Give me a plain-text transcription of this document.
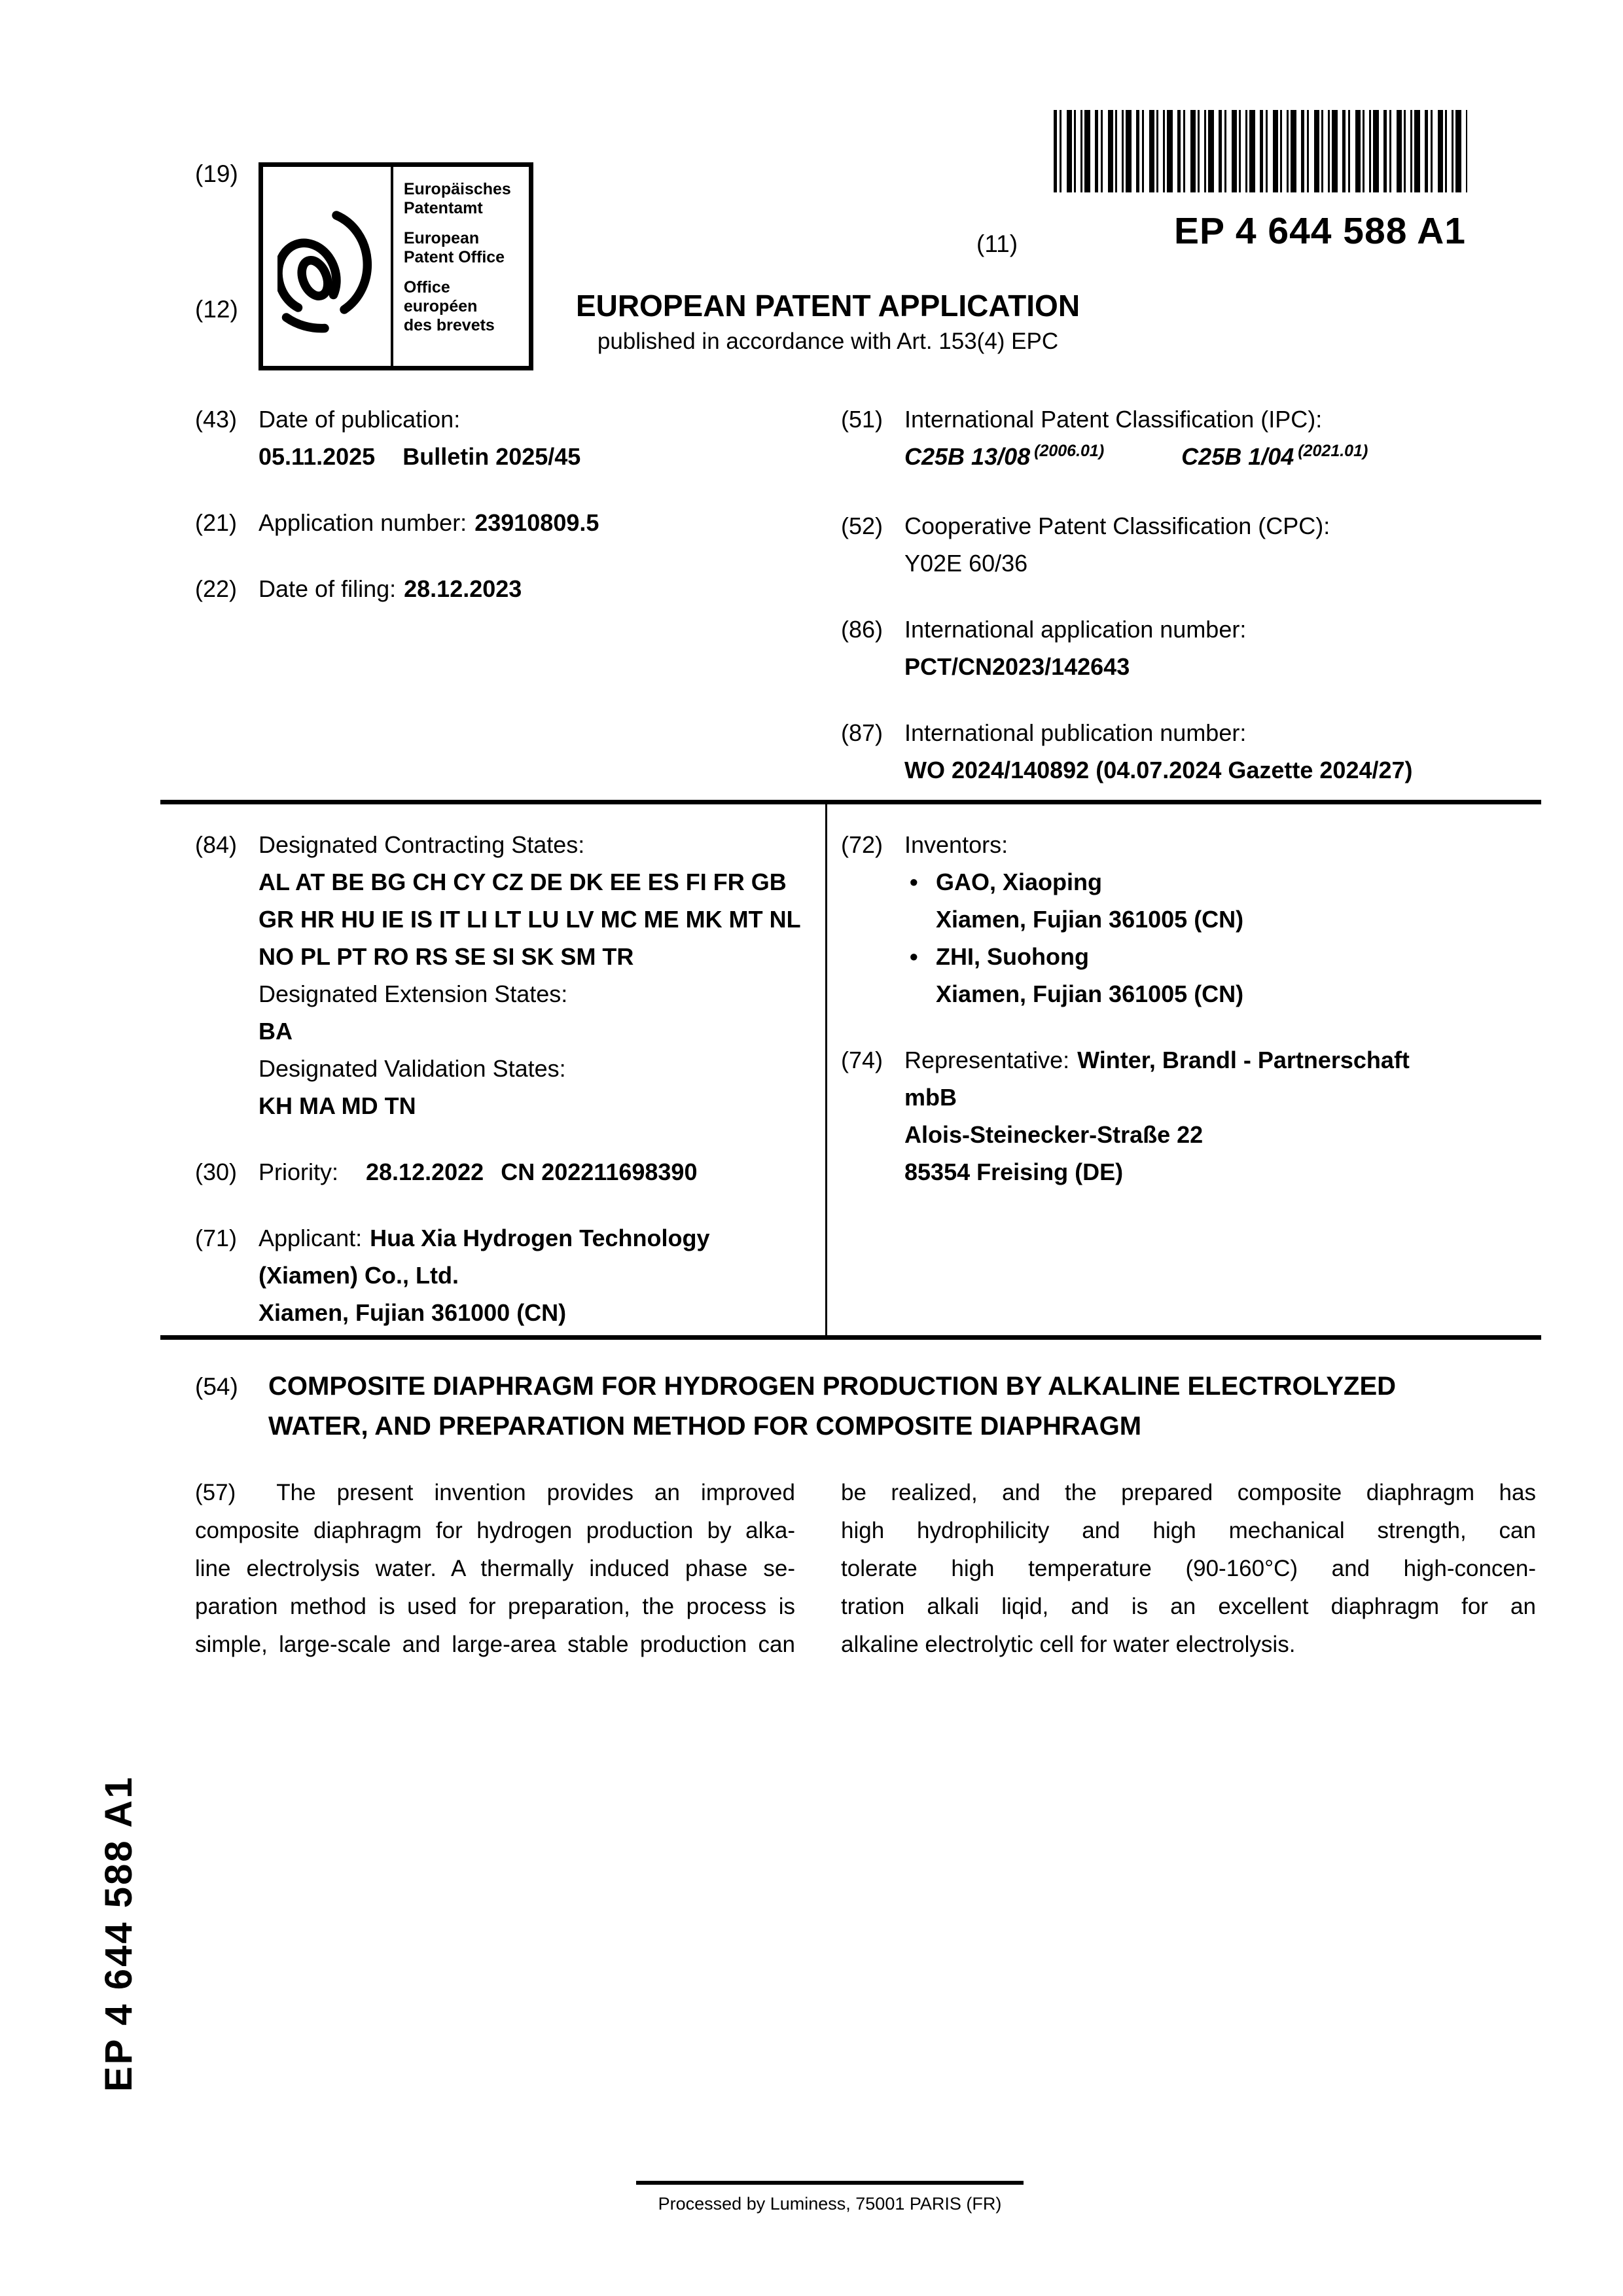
(19)
Europäisches
Patentamt
European
Patent Office
Office européen
des brevets
(11)	EP 4 644 588 A1
(12)	EUROPEAN PATENT APPLICATION
published in accordance with Art. 153(4) EPC
(43) Date of publication:
05.11.2025 Bulletin 2025/45
(21) Application number: 23910809.5
(22) Date of filing: 28.12.2023
(51) International Patent Classification (IPC):
C25B 13/08 $^{(2006.01)}$	C25B 1/04 $^{(2021.01)}$
(52) Cooperative Patent Classification (CPC):
Y02E 60/36
(86) International application number:
PCT/CN2023/142643
(87) International publication number:
WO 2024/140892 (04.07.2024 Gazette 2024/27)
(84) Designated Contracting States:
AL AT BE BG CH CY CZ DE DK EE ES FI FR GB
GR HR HU IE IS IT LI LT LU LV MC ME MK MT NL
NO PL PT RO RS SE SI SK SM TR
Designated Extension States:
BA
Designated Validation States:
KH MA MD TN
(30) Priority: 28.12.2022 CN 202211698390
(71) Applicant: Hua Xia Hydrogen Technology
(Xiamen) Co., Ltd.
Xiamen, Fujian 361000 (CN)
(72) Inventors:
• GAO, Xiaoping
Xiamen, Fujian 361005 (CN)
• ZHI, Suohong
Xiamen, Fujian 361005 (CN)
(74) Representative: Winter, Brandl - Partnerschaft
mbB
Alois-Steinecker-Straße 22
85354 Freising (DE)
(54) COMPOSITE DIAPHRAGM FOR HYDROGEN PRODUCTION BY ALKALINE ELECTROLYZED
WATER, AND PREPARATION METHOD FOR COMPOSITE DIAPHRAGM
(57) The present invention provides an improved
composite diaphragm for hydrogen production by alka-
line electrolysis water. A thermally induced phase se-
paration method is used for preparation, the process is
simple, large-scale and large-area stable production can
be realized, and the prepared composite diaphragm has
high hydrophilicity and high mechanical strength, can
tolerate high temperature (90-160°C) and high-concen-
tration alkali liqid, and is an excellent diaphragm for an
alkaline electrolytic cell for water electrolysis.
EP 4 644 588 A1
Processed by Luminess, 75001 PARIS (FR)
